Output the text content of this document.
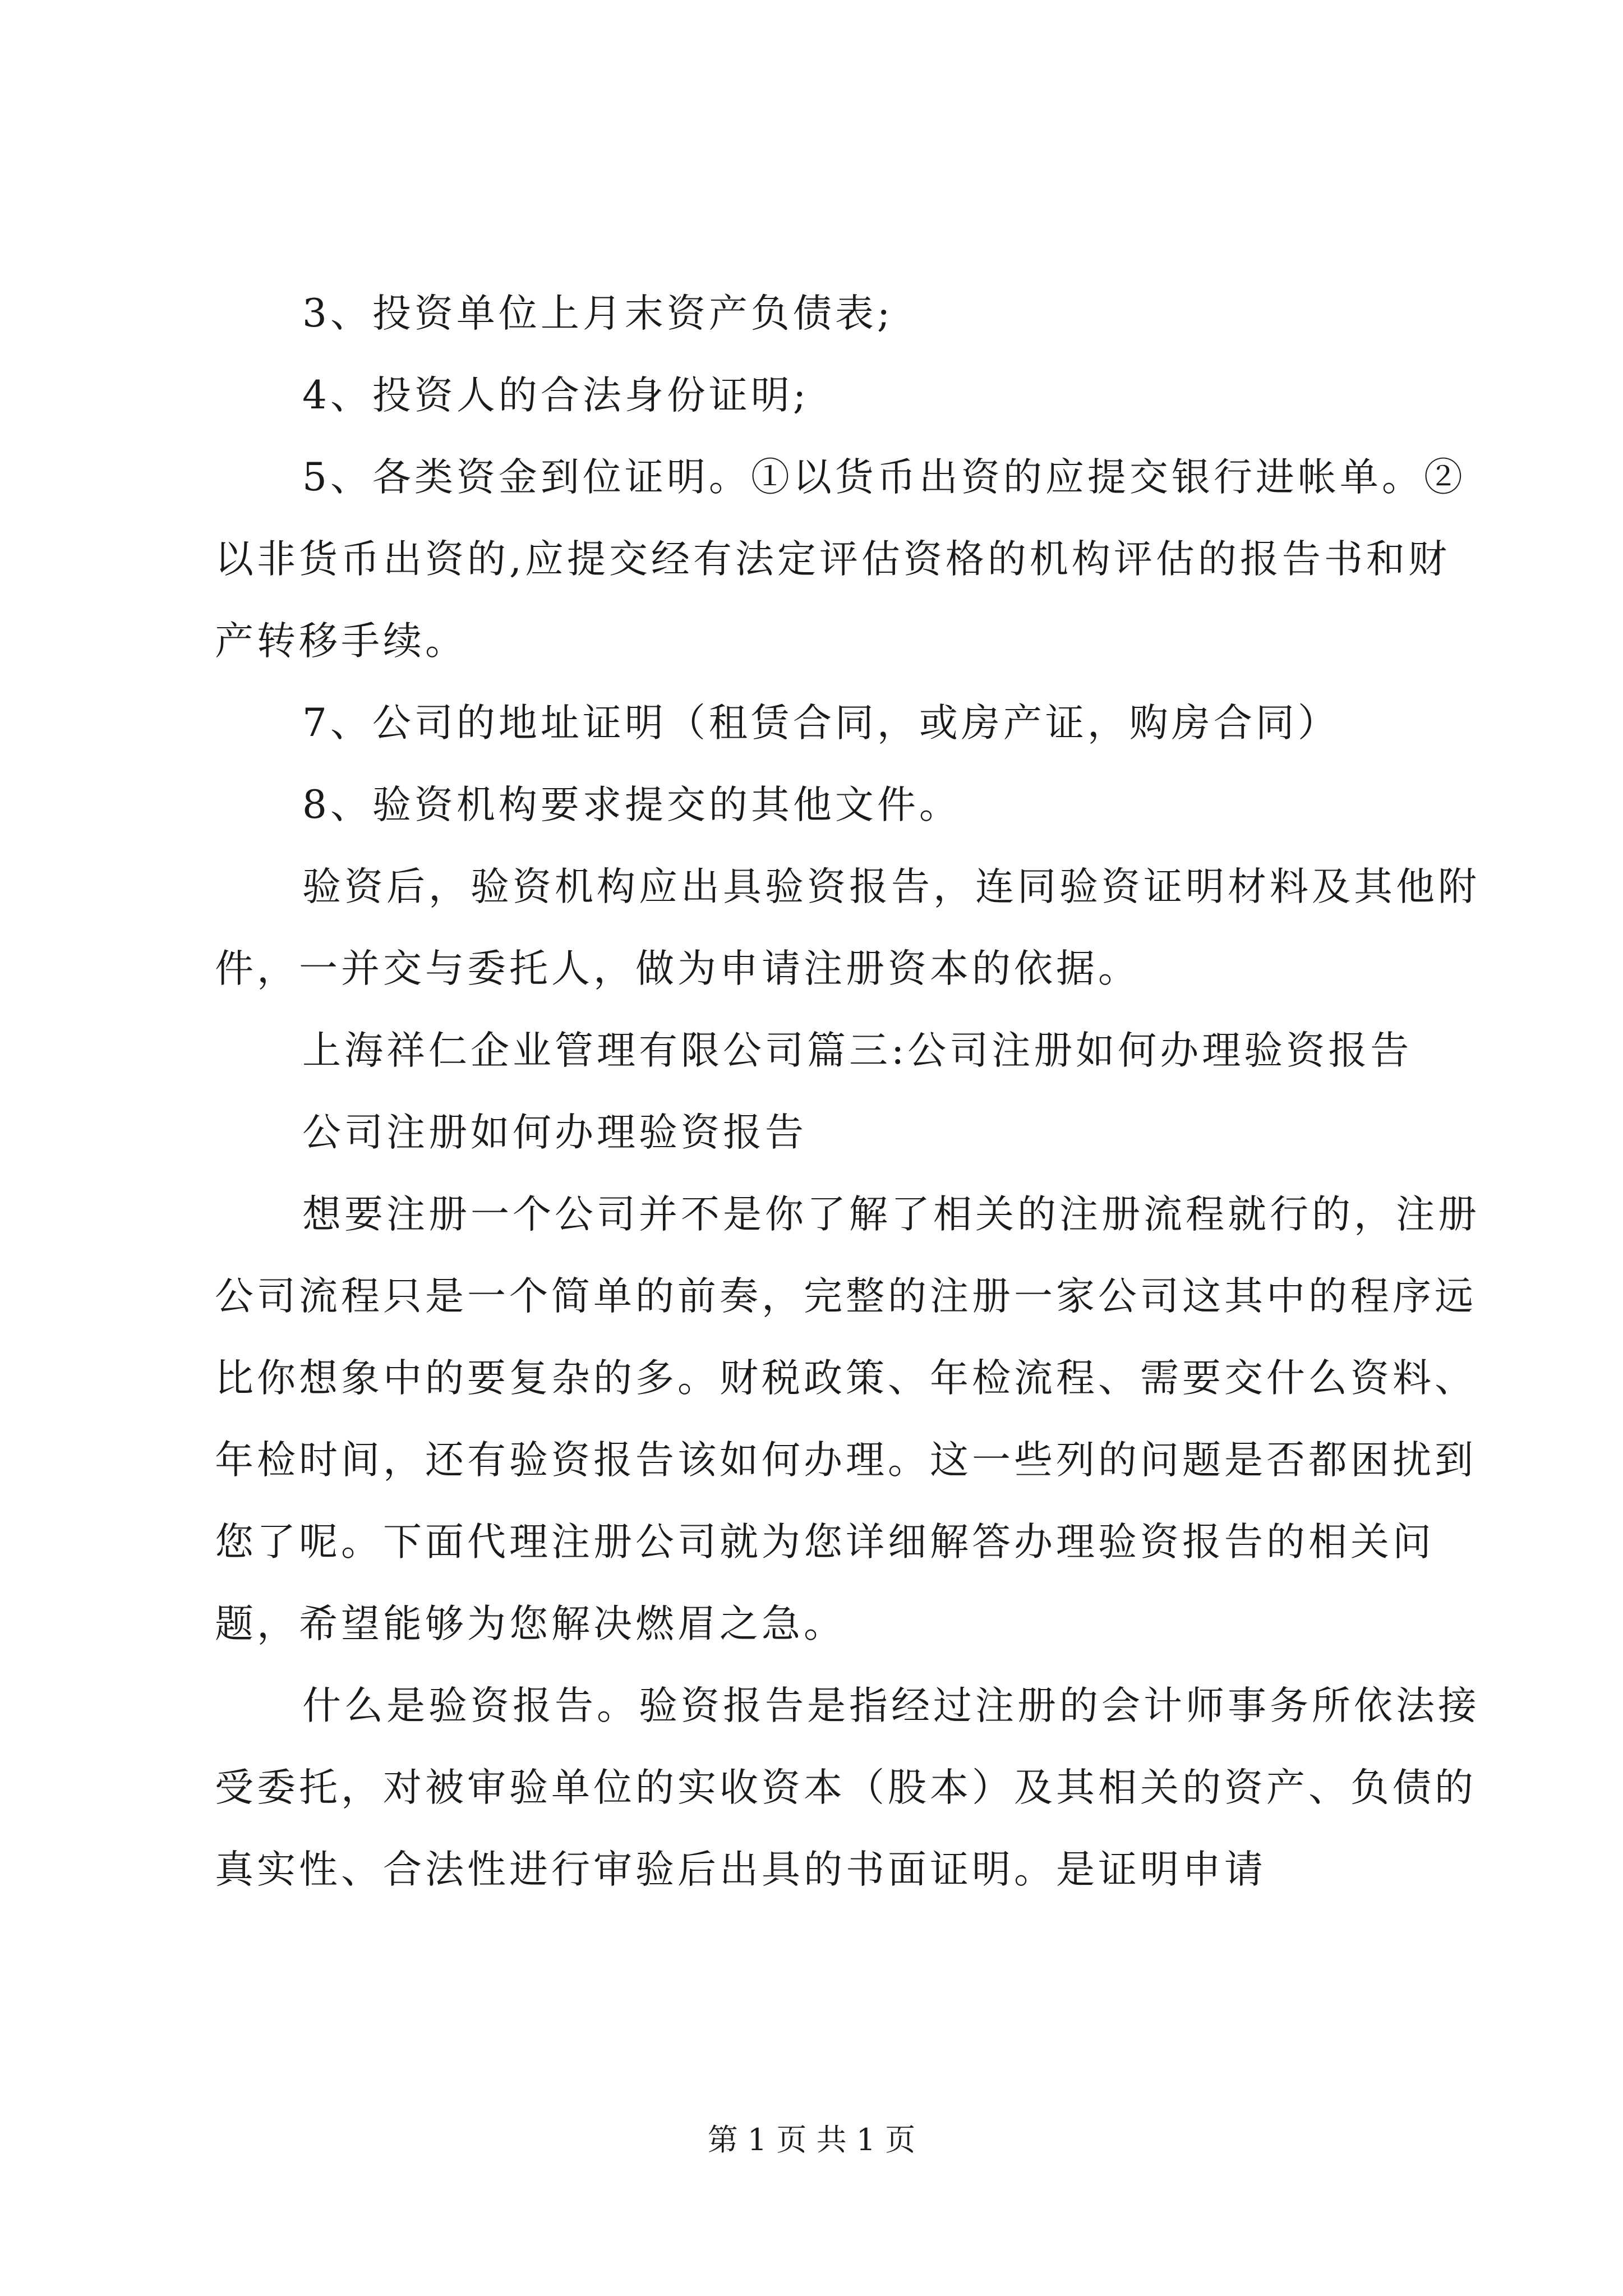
3、投资单位上月末资产负债表;

4、投资人的合法身份证明;

5、各类资金到位证明。①以货币出资的应提交银行进帐单。②以非货币出资的,应提交经有法定评估资格的机构评估的报告书和财产转移手续。

7、公司的地址证明（租赁合同，或房产证，购房合同）

8、验资机构要求提交的其他文件。

验资后，验资机构应出具验资报告，连同验资证明材料及其他附件，一并交与委托人，做为申请注册资本的依据。

上海祥仁企业管理有限公司篇三:公司注册如何办理验资报告

公司注册如何办理验资报告

想要注册一个公司并不是你了解了相关的注册流程就行的，注册公司流程只是一个简单的前奏，完整的注册一家公司这其中的程序远比你想象中的要复杂的多。财税政策、年检流程、需要交什么资料、年检时间，还有验资报告该如何办理。这一些列的问题是否都困扰到您了呢。下面代理注册公司就为您详细解答办理验资报告的相关问题，希望能够为您解决燃眉之急。

什么是验资报告。验资报告是指经过注册的会计师事务所依法接受委托，对被审验单位的实收资本（股本）及其相关的资产、负债的真实性、合法性进行审验后出具的书面证明。是证明申请

第 1 页 共 1 页
